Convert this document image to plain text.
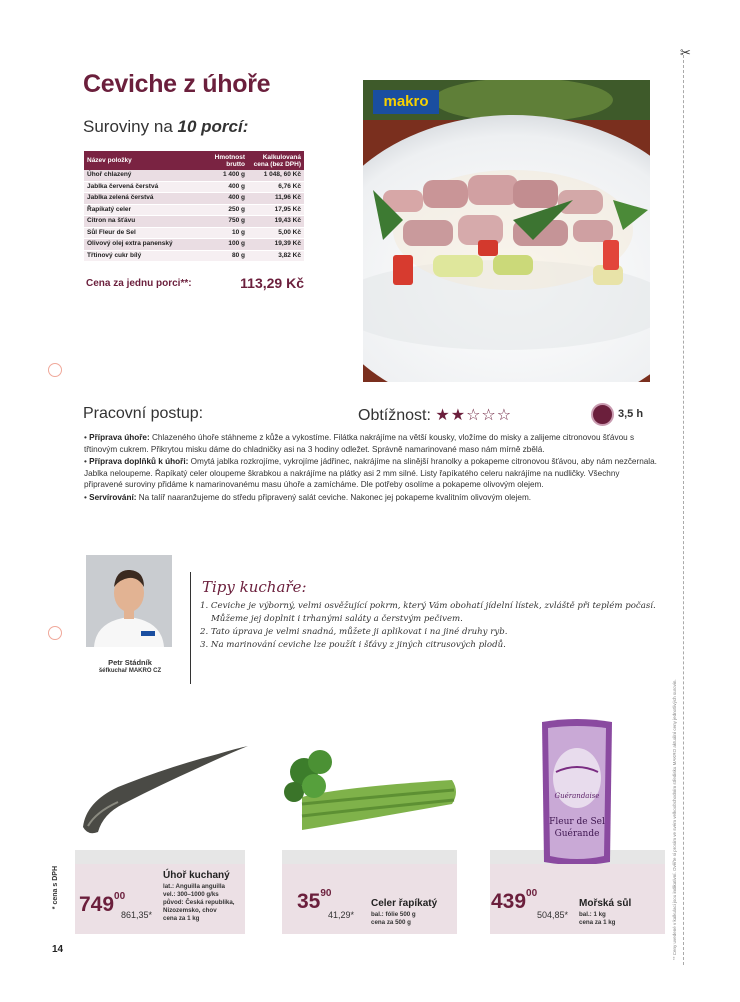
Ceviche z úhoře
Suroviny na 10 porcí:
Název položky	Hmotnost brutto	Kalkulovaná cena (bez DPH)
Úhoř chlazený	1 400 g	1 048, 60 Kč
Jablka červená čerstvá	400 g	6,76 Kč
Jablka zelená čerstvá	400 g	11,96 Kč
Řapíkatý celer	250 g	17,95 Kč
Citron na šťávu	750 g	19,43 Kč
Sůl Fleur de Sel	10 g	5,00 Kč
Olivový olej extra panenský	100 g	19,39 Kč
Třtinový cukr bílý	80 g	3,82 Kč
Cena za jednu porci**:	113,29 Kč
makro
Pracovní postup:	Obtížnost: ★★☆☆☆	3,5 h

• Příprava úhoře: Chlazeného úhoře stáhneme z kůže a vykostíme. Filátka nakrájíme na větší kousky, vložíme do misky a zalijeme citronovou šťávou s třtinovým cukrem. Přikrytou misku dáme do chladničky asi na 3 hodiny odležet. Správně namarinované maso nám mírně zbělá.

• Příprava doplňků k úhoři: Omytá jablka rozkrojíme, vykrojíme jádřinec, nakrájíme na slinější hranolky a pokapeme citronovou šťávou, aby nám nezčernala. Jablka neloupeme. Řapíkatý celer oloupeme škrabkou a nakrájíme na plátky asi 2 mm silné. Listy řapíkatého celeru nakrájíme na nudličky. Všechny připravené suroviny přidáme k namarinovanému masu úhoře a zamícháme. Dle potřeby osolíme a pokapeme olivovým olejem.

• Servírování: Na talíř naaranžujeme do středu připravený salát ceviche. Nakonec jej pokapeme kvalitním olivovým olejem.

Petr Stádník
šéfkuchař MAKRO CZ
Tipy kuchaře:

1. Ceviche je výborný, velmi osvěžující pokrm, který Vám obohatí jídelní lístek, zvláště při teplém počasí.

Můžeme jej doplnit i trhanými saláty a čerstvým pečivem.

2. Tato úprava je velmi snadná, můžete ji aplikovat i na jiné druhy ryb.

3. Na marinování ceviche lze použít i šťávy z jiných citrusových plodů.

✂
** Ceny uvedené v kalkulaci jsou indikativní. Ověřte si prosím ve svém velkoobchodním středisku MAKRO aktuální ceny jednotlivých surovin.
$749^{00}$
861,35*
Úhoř kuchaný
lat.: Anguilla anguilla
vel.: 300–1000 g/ks
původ: Česká republika,
Nizozemsko, chov
cena za 1 kg
$35^{90}$
41,29*
Celer řapíkatý
bal.: fólie 500 g
cena za 500 g
Guérandaise
Fleur de Sel
Guérande
$439^{00}$
504,85*
Mořská sůl
bal.: 1 kg
cena za 1 kg
* cena s DPH
14
